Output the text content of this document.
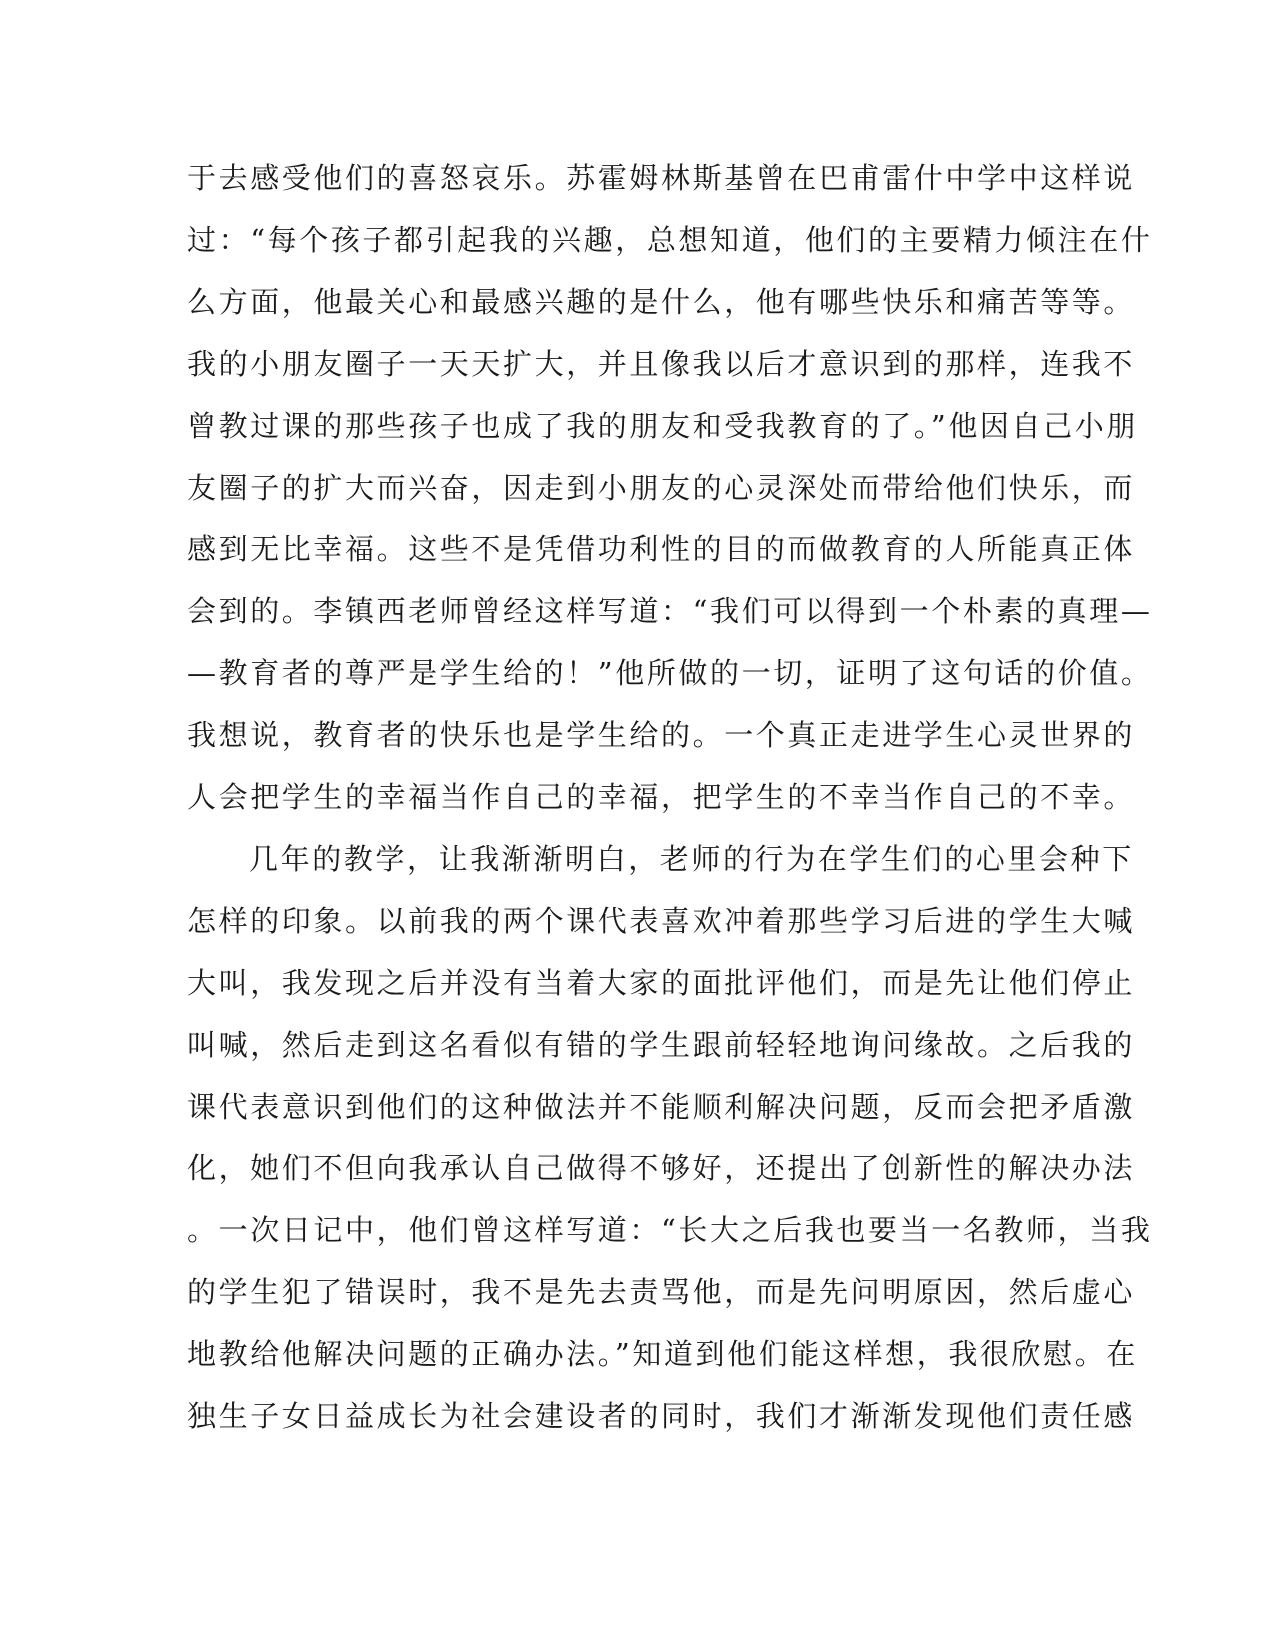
于去感受他们的喜怒哀乐。苏霍姆林斯基曾在巴甫雷什中学中这样说
过：“每个孩子都引起我的兴趣，总想知道，他们的主要精力倾注在什
么方面，他最关心和最感兴趣的是什么，他有哪些快乐和痛苦等等。
我的小朋友圈子一天天扩大，并且像我以后才意识到的那样，连我不
曾教过课的那些孩子也成了我的朋友和受我教育的了。”他因自己小朋
友圈子的扩大而兴奋，因走到小朋友的心灵深处而带给他们快乐，而
感到无比幸福。这些不是凭借功利性的目的而做教育的人所能真正体
会到的。李镇西老师曾经这样写道：“我们可以得到一个朴素的真理—
—教育者的尊严是学生给的！”他所做的一切，证明了这句话的价值。
我想说，教育者的快乐也是学生给的。一个真正走进学生心灵世界的
人会把学生的幸福当作自己的幸福，把学生的不幸当作自己的不幸。
几年的教学，让我渐渐明白，老师的行为在学生们的心里会种下
怎样的印象。以前我的两个课代表喜欢冲着那些学习后进的学生大喊
大叫，我发现之后并没有当着大家的面批评他们，而是先让他们停止
叫喊，然后走到这名看似有错的学生跟前轻轻地询问缘故。之后我的
课代表意识到他们的这种做法并不能顺利解决问题，反而会把矛盾激
化，她们不但向我承认自己做得不够好，还提出了创新性的解决办法
。一次日记中，他们曾这样写道：“长大之后我也要当一名教师，当我
的学生犯了错误时，我不是先去责骂他，而是先问明原因，然后虚心
地教给他解决问题的正确办法。”知道到他们能这样想，我很欣慰。在
独生子女日益成长为社会建设者的同时，我们才渐渐发现他们责任感
